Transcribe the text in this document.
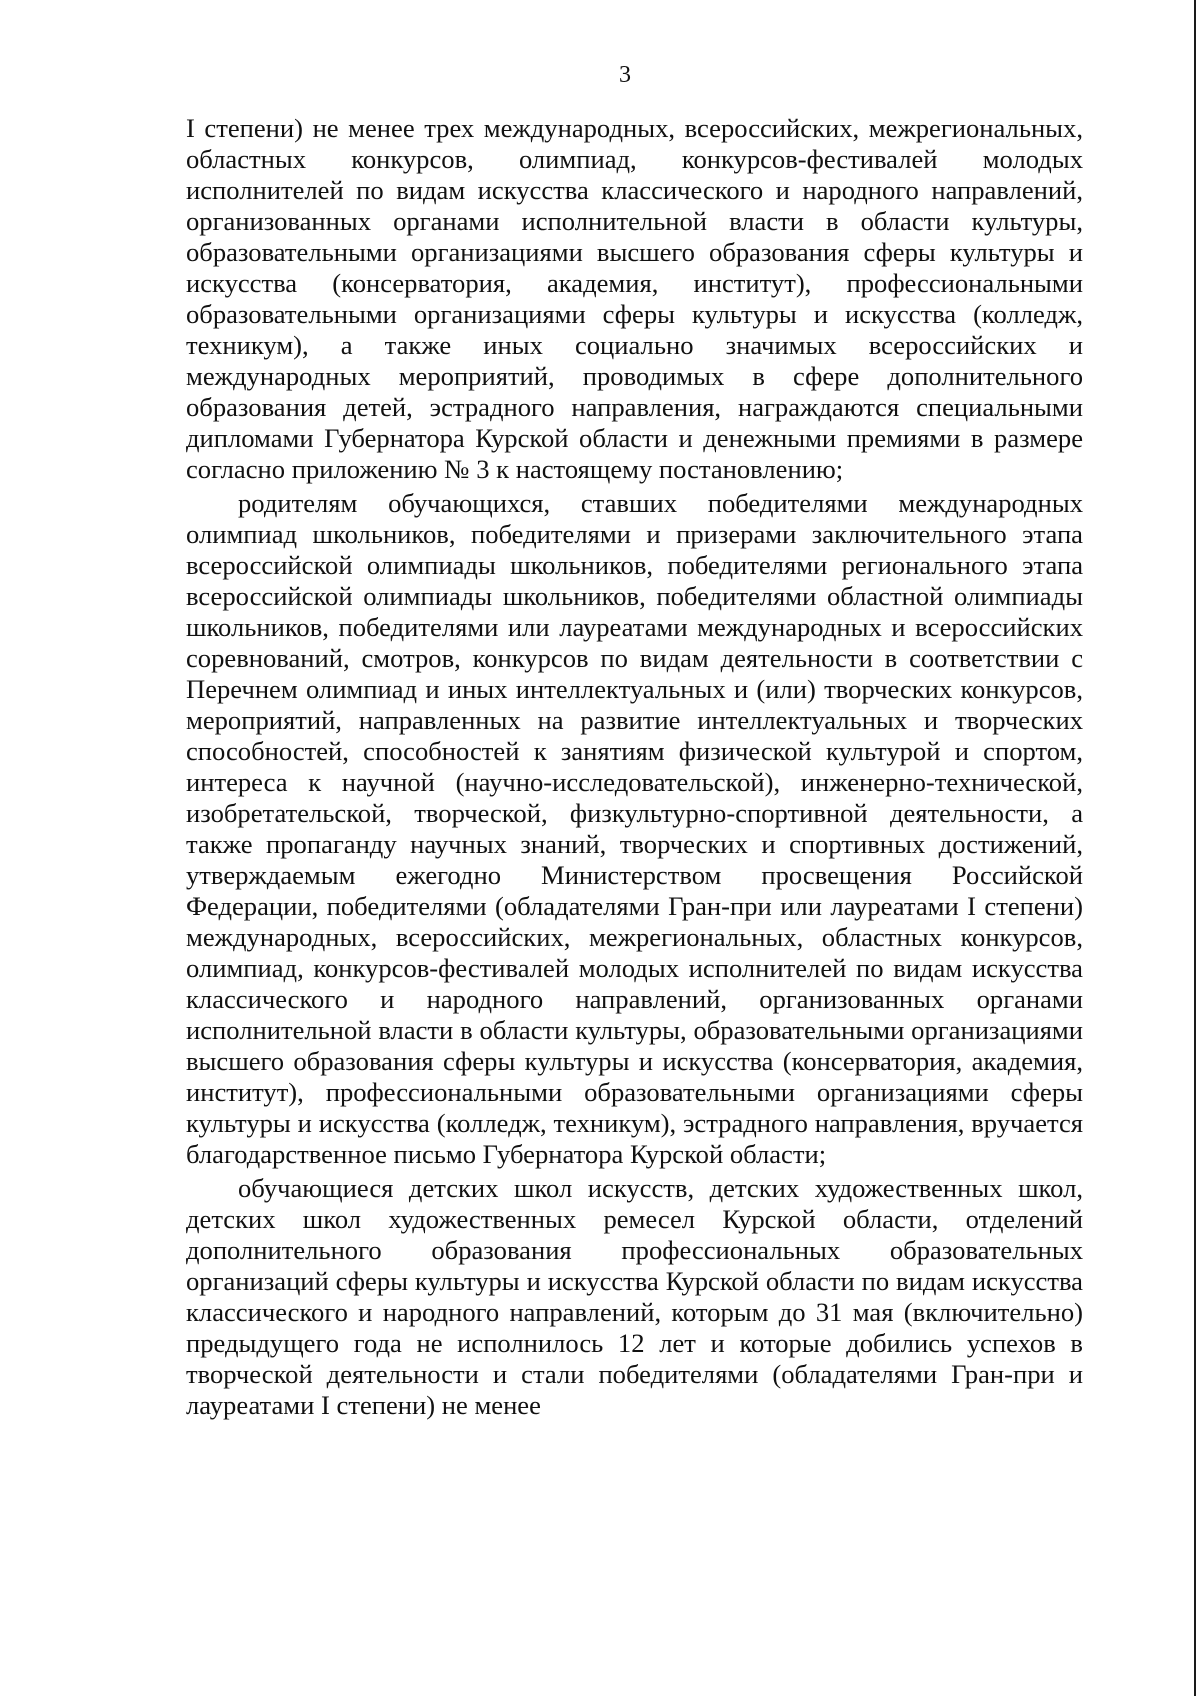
3

I степени) не менее трех международных, всероссийских, межрегиональных, областных конкурсов, олимпиад, конкурсов-фестивалей молодых исполнителей по видам искусства классического и народного направлений, организованных органами исполнительной власти в области культуры, образовательными организациями высшего образования сферы культуры и искусства (консерватория, академия, институт), профессиональными образовательными организациями сферы культуры и искусства (колледж, техникум), а также иных социально значимых всероссийских и международных мероприятий, проводимых в сфере дополнительного образования детей, эстрадного направления, награждаются специальными дипломами Губернатора Курской области и денежными премиями в размере согласно приложению № 3 к настоящему постановлению;

родителям обучающихся, ставших победителями международных олимпиад школьников, победителями и призерами заключительного этапа всероссийской олимпиады школьников, победителями регионального этапа всероссийской олимпиады школьников, победителями областной олимпиады школьников, победителями или лауреатами международных и всероссийских соревнований, смотров, конкурсов по видам деятельности в соответствии с Перечнем олимпиад и иных интеллектуальных и (или) творческих конкурсов, мероприятий, направленных на развитие интеллектуальных и творческих способностей, способностей к занятиям физической культурой и спортом, интереса к научной (научно-исследовательской), инженерно-технической, изобретательской, творческой, физкультурно-спортивной деятельности, а также пропаганду научных знаний, творческих и спортивных достижений, утверждаемым ежегодно Министерством просвещения Российской Федерации, победителями (обладателями Гран-при или лауреатами I степени) международных, всероссийских, межрегиональных, областных конкурсов, олимпиад, конкурсов-фестивалей молодых исполнителей по видам искусства классического и народного направлений, организованных органами исполнительной власти в области культуры, образовательными организациями высшего образования сферы культуры и искусства (консерватория, академия, институт), профессиональными образовательными организациями сферы культуры и искусства (колледж, техникум), эстрадного направления, вручается благодарственное письмо Губернатора Курской области;

обучающиеся детских школ искусств, детских художественных школ, детских школ художественных ремесел Курской области, отделений дополнительного образования профессиональных образовательных организаций сферы культуры и искусства Курской области по видам искусства классического и народного направлений, которым до 31 мая (включительно) предыдущего года не исполнилось 12 лет и которые добились успехов в творческой деятельности и стали победителями (обладателями Гран-при и лауреатами I степени) не менее
